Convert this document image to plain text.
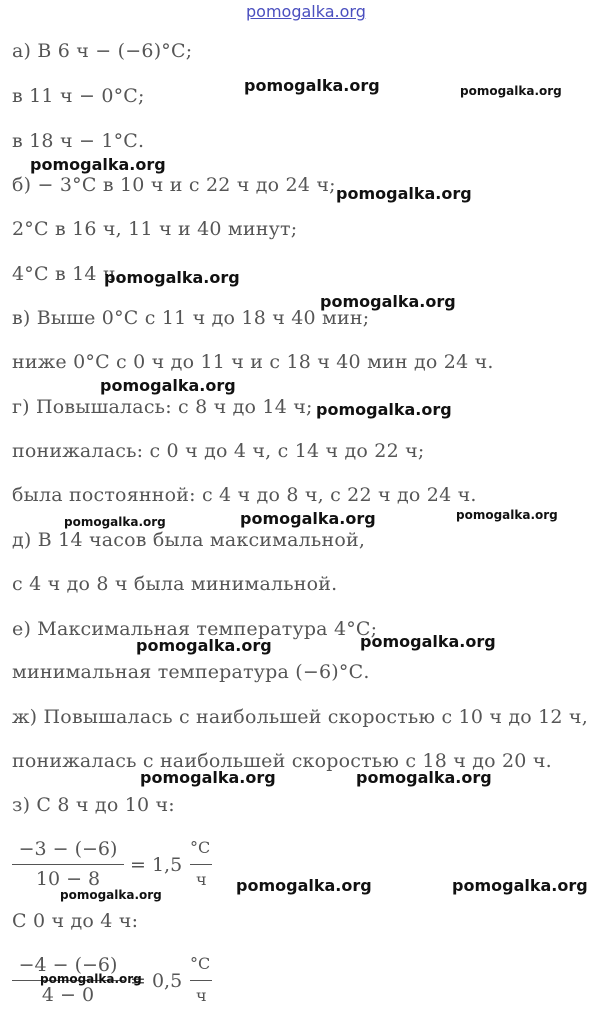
pomogalka.org
а) В 6 ч − (−6)°С;
в 11 ч − 0°С;
в 18 ч − 1°С.
б) − 3°С в 10 ч и с 22 ч до 24 ч;
2°С в 16 ч, 11 ч и 40 минут;
4°С в 14 ч.
в) Выше 0°С с 11 ч до 18 ч 40 мин;
ниже 0°С с 0 ч до 11 ч и с 18 ч 40 мин до 24 ч.
г) Повышалась: с 8 ч до 14 ч;
понижалась: с 0 ч до 4 ч, с 14 ч до 22 ч;
была постоянной: с 4 ч до 8 ч, с 22 ч до 24 ч.
д) В 14 часов была максимальной,
с 4 ч до 8 ч была минимальной.
е) Максимальная температура 4°С;
минимальная температура (−6)°С.
ж) Повышалась с наибольшей скоростью с 10 ч до 12 ч,
понижалась с наибольшей скоростью с 18 ч до 20 ч.
з) С 8 ч до 10 ч:
−3 − (−6)
10 − 8
= 1,5
°С
ч
С 0 ч до 4 ч:
−4 − (−6)
4 − 0
= 0,5
°С
ч
pomogalka.org	pomogalka.org
pomogalka.org
pomogalka.org
pomogalka.org
pomogalka.org
pomogalka.org
pomogalka.org
pomogalka.org	pomogalka.org	pomogalka.org
pomogalka.org	pomogalka.org
pomogalka.org	pomogalka.org
pomogalka.org	pomogalka.org
pomogalka.org
pomogalka.org
